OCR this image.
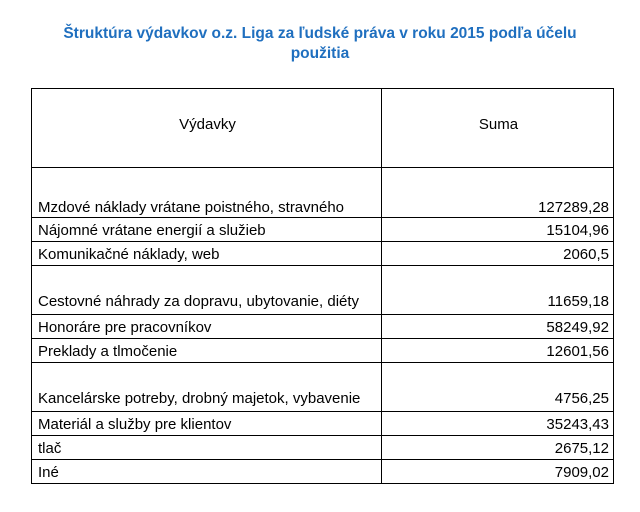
Štruktúra výdavkov o.z. Liga za ľudské práva v roku 2015 podľa účelu
použitia
Výdavky	Suma
Mzdové náklady vrátane poistného, stravného	127289,28
Nájomné vrátane energií a služieb	15104,96
Komunikačné náklady, web	2060,5
Cestovné náhrady za dopravu, ubytovanie, diéty	11659,18
Honoráre pre pracovníkov	58249,92
Preklady a tlmočenie	12601,56
Kancelárske potreby, drobný majetok, vybavenie	4756,25
Materiál a služby pre klientov	35243,43
tlač	2675,12
Iné	7909,02
